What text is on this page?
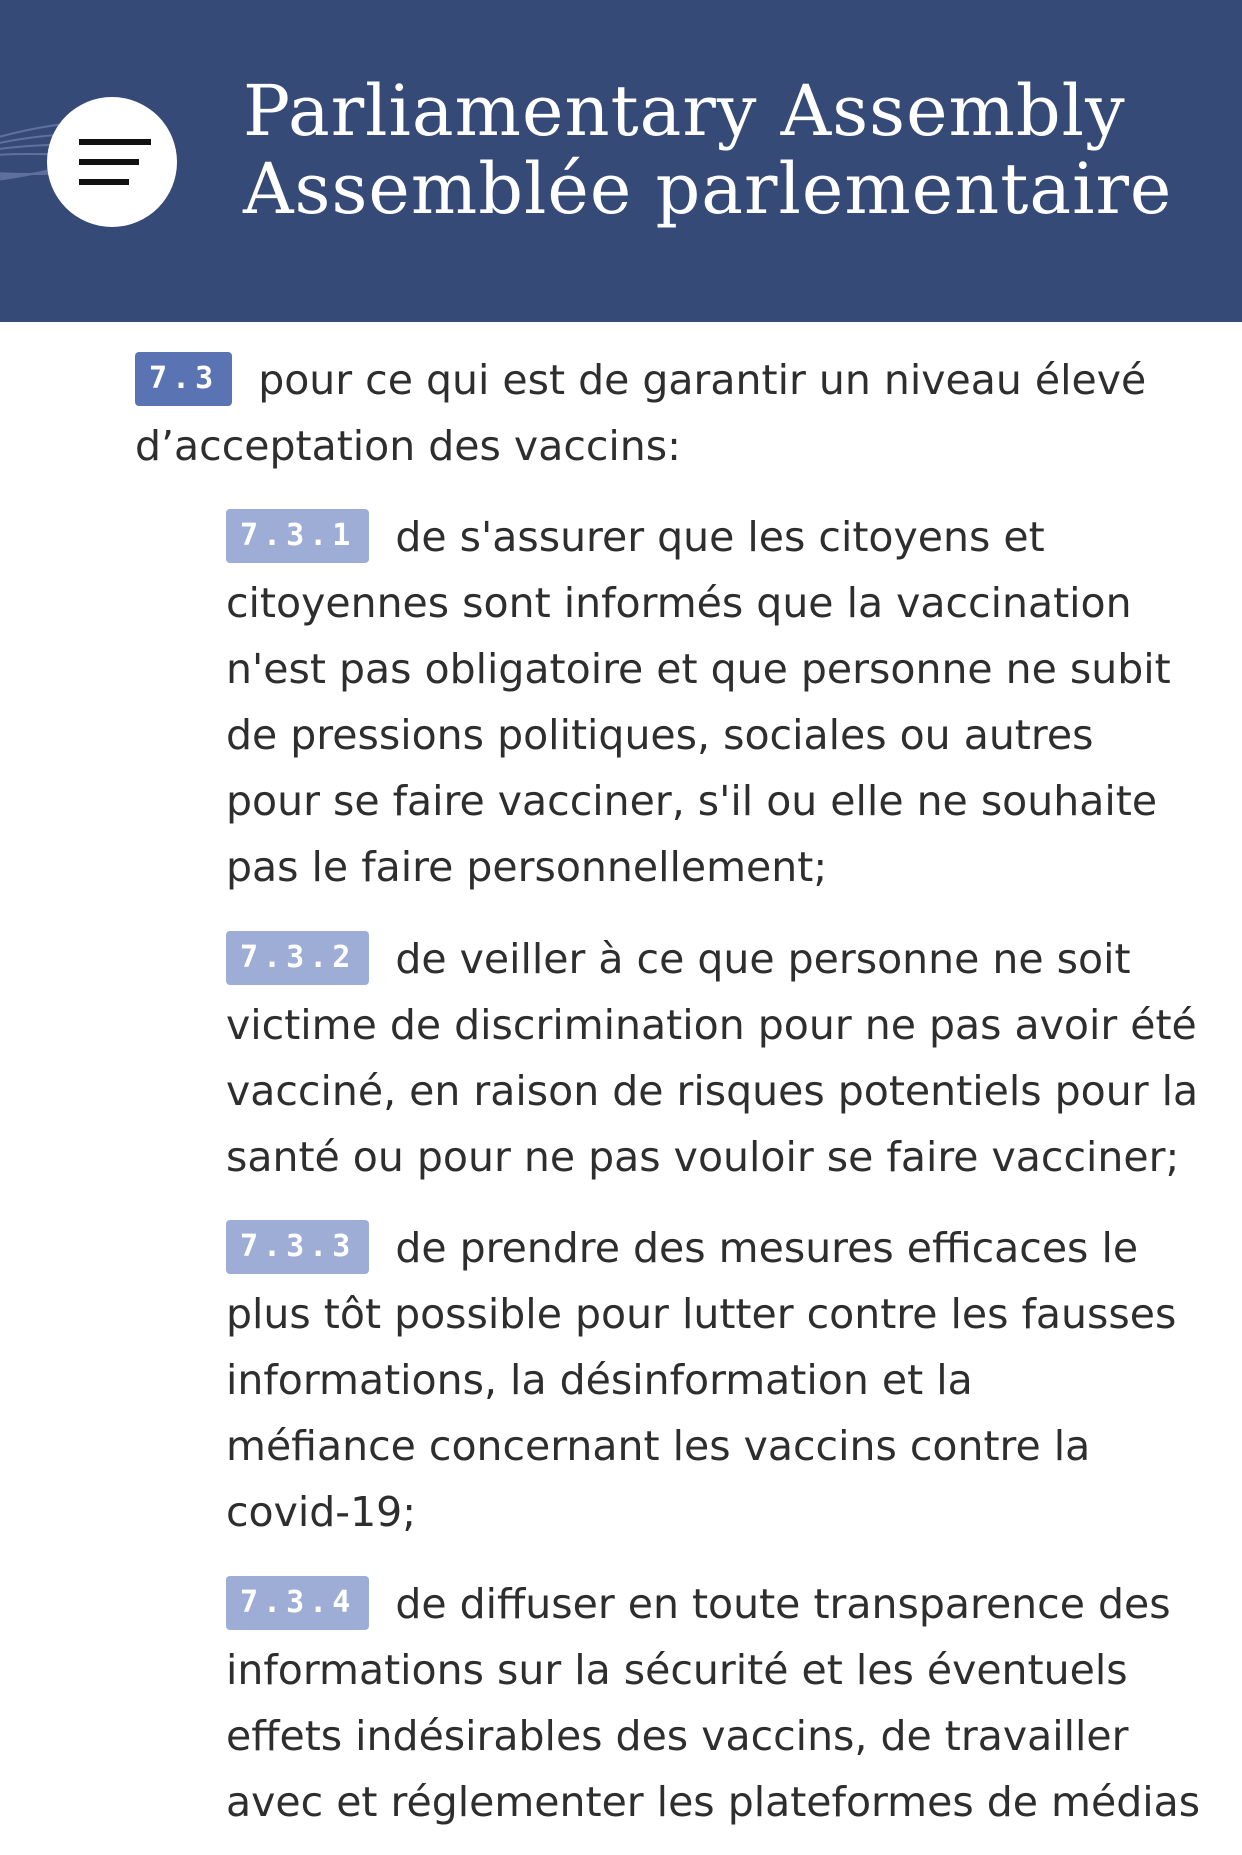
Parliamentary Assembly
Assemblée parlementaire
7.3 pour ce qui est de garantir un niveau élevé
d’acceptation des vaccins:
7.3.1 de s'assurer que les citoyens et
citoyennes sont informés que la vaccination
n'est pas obligatoire et que personne ne subit
de pressions politiques, sociales ou autres
pour se faire vacciner, s'il ou elle ne souhaite
pas le faire personnellement;
7.3.2 de veiller à ce que personne ne soit
victime de discrimination pour ne pas avoir été
vacciné, en raison de risques potentiels pour la
santé ou pour ne pas vouloir se faire vacciner;
7.3.3 de prendre des mesures efficaces le
plus tôt possible pour lutter contre les fausses
informations, la désinformation et la
méfiance concernant les vaccins contre la
covid-19;
7.3.4 de diffuser en toute transparence des
informations sur la sécurité et les éventuels
effets indésirables des vaccins, de travailler
avec et réglementer les plateformes de médias
